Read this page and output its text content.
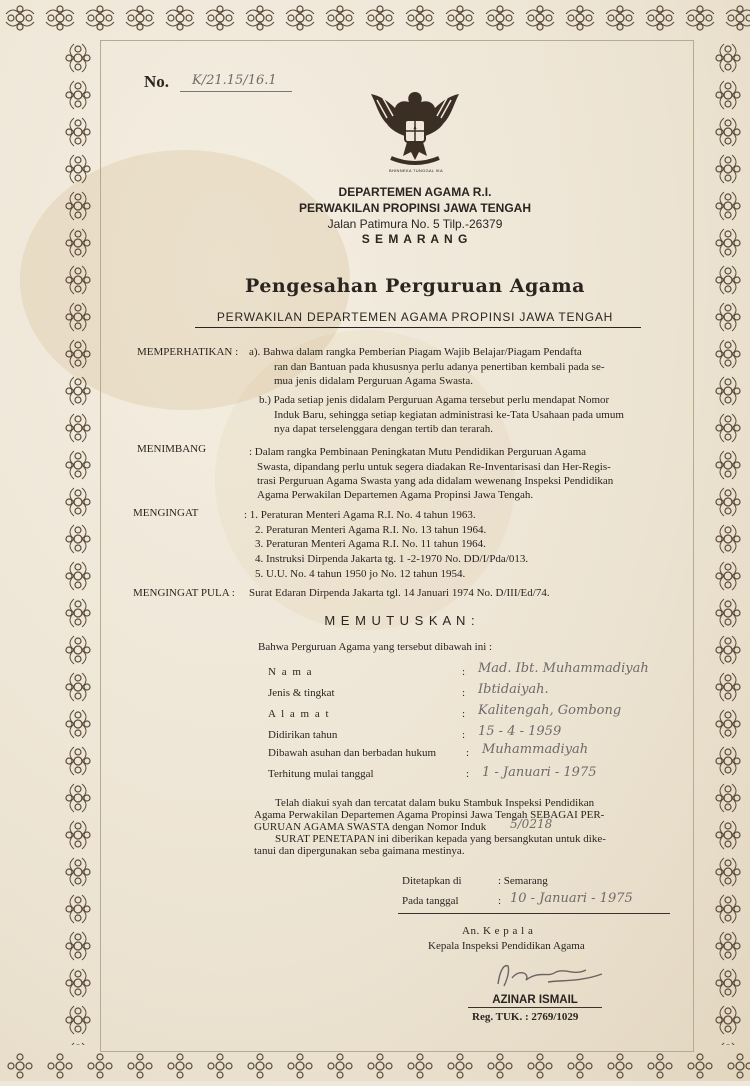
No. K/21.15/16.1
BHINNEKA TUNGGAL IKA
DEPARTEMEN AGAMA R.I.
PERWAKILAN PROPINSI JAWA TENGAH
Jalan Patimura No. 5 Tilp.-26379
S E M A R A N G
Pengesahan Perguruan Agama
PERWAKILAN DEPARTEMEN AGAMA PROPINSI JAWA TENGAH
MEMPERHATIKAN : a). Bahwa dalam rangka Pemberian Piagam Wajib Belajar/Piagam Pendafta
ran dan Bantuan pada khususnya perlu adanya penertiban kembali pada se-
mua jenis didalam Perguruan Agama Swasta.
b.) Pada setiap jenis didalam Perguruan Agama tersebut perlu mendapat Nomor
Induk Baru, sehingga setiap kegiatan administrasi ke-Tata Usahaan pada umum
nya dapat terselenggara dengan tertib dan terarah.
MENIMBANG	: Dalam rangka Pembinaan Peningkatan Mutu Pendidikan Perguruan Agama
Swasta, dipandang perlu untuk segera diadakan Re-Inventarisasi dan Her-Regis-
trasi Perguruan Agama Swasta yang ada didalam wewenang Inspeksi Pendidikan
Agama Perwakilan Departemen Agama Propinsi Jawa Tengah.
MENGINGAT	: 1. Peraturan Menteri Agama R.I. No. 4 tahun 1963.
2. Peraturan Menteri Agama R.I. No. 13 tahun 1964.
3. Peraturan Menteri Agama R.I. No. 11 tahun 1964.
4. Instruksi Dirpenda Jakarta tg. 1 -2-1970 No. DD/I/Pda/013.
5. U.U. No. 4 tahun 1950 jo No. 12 tahun 1954.
MENGINGAT PULA : Surat Edaran Dirpenda Jakarta tgl. 14 Januari 1974 No. D/III/Ed/74.
M E M U T U S K A N :
Bahwa Perguruan Agama yang tersebut dibawah ini :
N a m a	: Mad. Ibt. Muhammadiyah
Jenis & tingkat	: Ibtidaiyah.
A l a m a t	: Kalitengah, Gombong
Didirikan tahun	: 15 - 4 - 1959
Dibawah asuhan dan berbadan hukum	: Muhammadiyah
Terhitung mulai tanggal	: 1 - Januari - 1975
Telah diakui syah dan tercatat dalam buku Stambuk Inspeksi Pendidikan
Agama Perwakilan Departemen Agama Propinsi Jawa Tengah SEBAGAI PER-
GURUAN AGAMA SWASTA dengan Nomor Induk 5/0218
SURAT PENETAPAN ini diberikan kepada yang bersangkutan untuk dike-
tanui dan dipergunakan seba gaimana mestinya.
Ditetapkan di	: Semarang
Pada tanggal	: 10 - Januari - 1975
An. K e p a l a
Kepala Inspeksi Pendidikan Agama
AZINAR ISMAIL
Reg. TUK. : 2769/1029
